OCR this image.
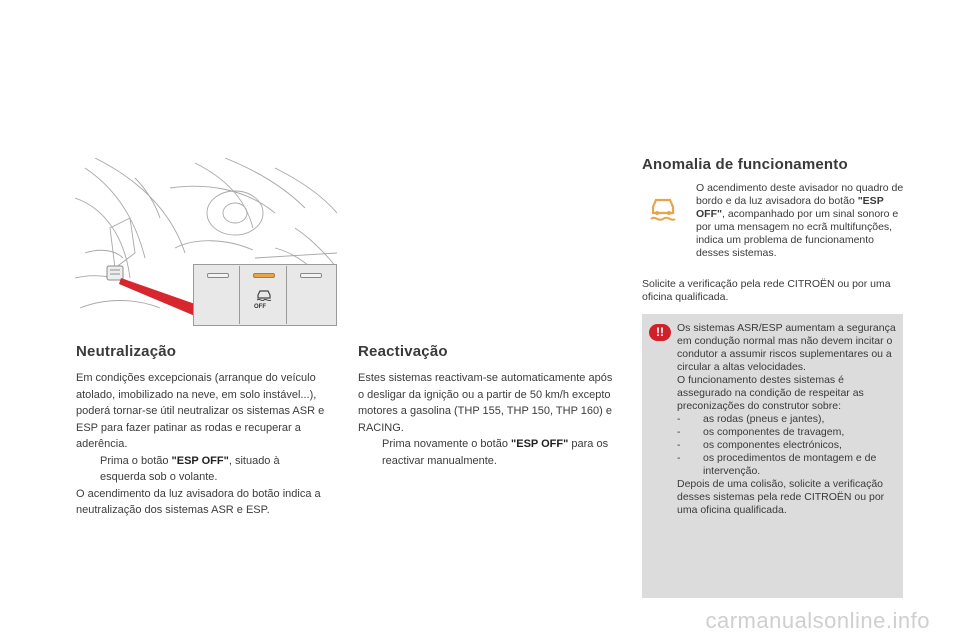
OFF
Neutralização
Em condições excepcionais (arranque do veículo atolado, imobilizado na neve, em solo instável...), poderá tornar-se útil neutralizar os sistemas ASR e ESP para fazer patinar as rodas e recuperar a aderência.
Prima o botão "ESP OFF", situado à esquerda sob o volante.
O acendimento da luz avisadora do botão indica a neutralização dos sistemas ASR e ESP.
Reactivação
Estes sistemas reactivam-se automaticamente após o desligar da ignição ou a partir de 50 km/h excepto motores a gasolina (THP 155, THP 150, THP 160) e RACING.
Prima novamente o botão "ESP OFF" para os reactivar manualmente.
Anomalia de funcionamento
O acendimento deste avisador no quadro de bordo e da luz avisadora do botão "ESP OFF", acompanhado por um sinal sonoro e por uma mensagem no ecrã multifunções, indica um problema de funcionamento desses sistemas.
Solicite a verificação pela rede CITROËN ou por uma oficina qualificada.
!!	Os sistemas ASR/ESP aumentam a segurança em condução normal mas não devem incitar o condutor a assumir riscos suplementares ou a circular a altas velocidades.
O funcionamento destes sistemas é assegurado na condição de respeitar as preconizações do construtor sobre:
- as rodas (pneus e jantes),
- os componentes de travagem,
- os componentes electrónicos,
- os procedimentos de montagem e de intervenção.
Depois de uma colisão, solicite a verificação desses sistemas pela rede CITROËN ou por uma oficina qualificada.
carmanualsonline.info
